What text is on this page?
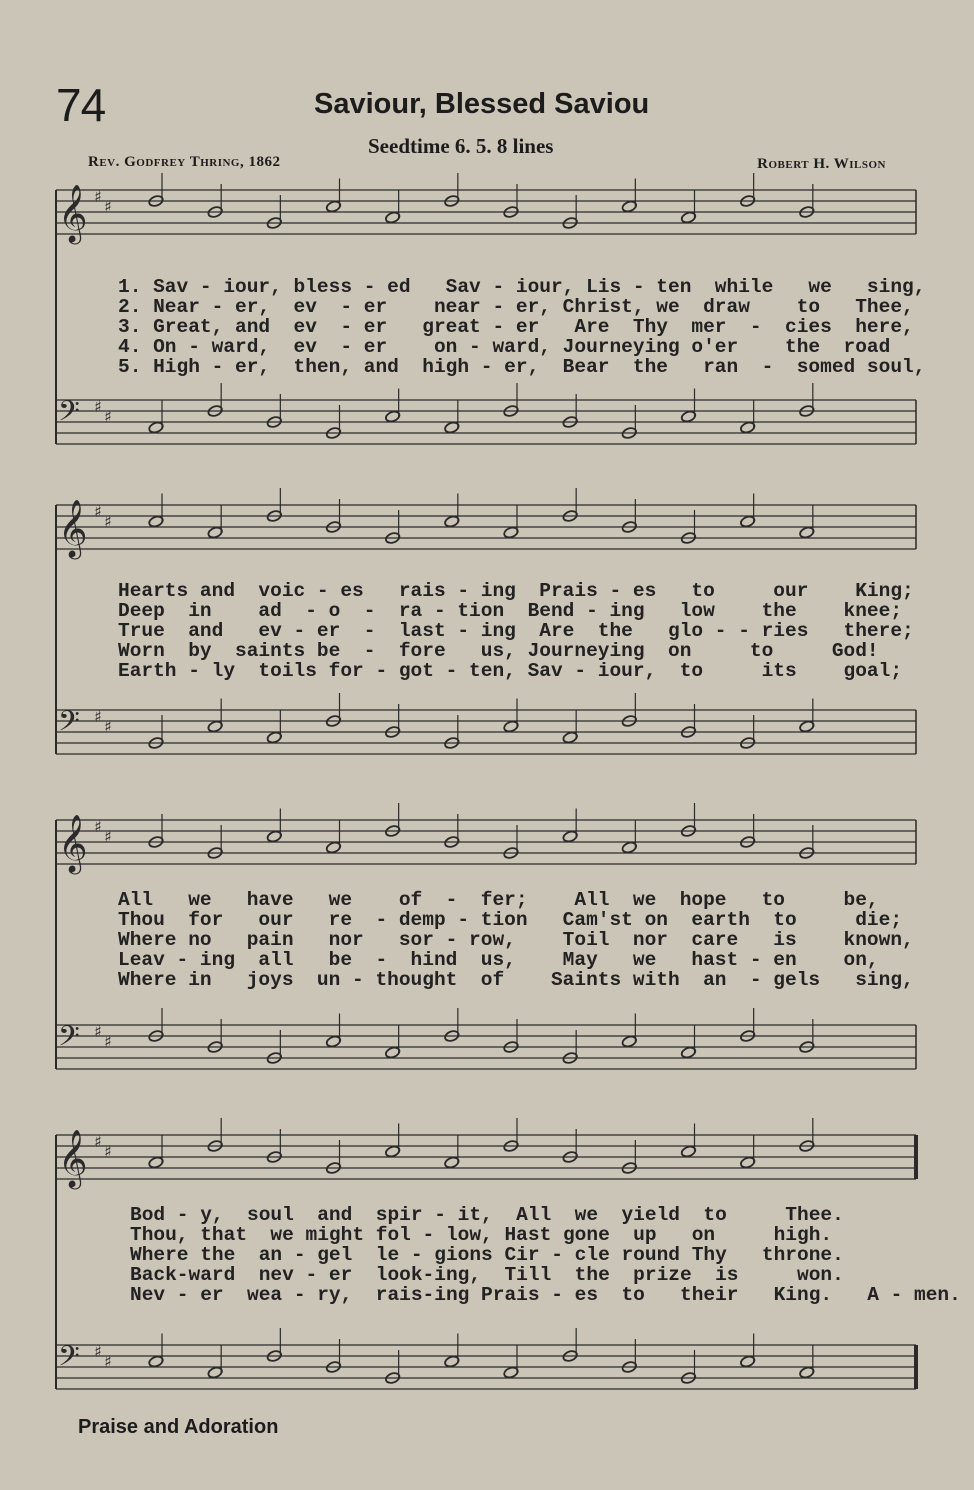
𝄞 ♯
♯
𝄢 ♯
♯
𝄞 ♯
♯
𝄢 ♯
♯
𝄞 ♯
♯
𝄢 ♯
♯
𝄞 ♯
♯
𝄢 ♯
♯
74	Saviour, Blessed Saviou
Seedtime 6. 5. 8 lines
Rev. Godfrey Thring, 1862	Robert H. Wilson
1. Sav - iour, bless - ed   Sav - iour, Lis - ten  while   we   sing,
2. Near - er,  ev  - er    near - er, Christ, we  draw    to   Thee,
3. Great, and  ev  - er   great - er   Are  Thy  mer  -  cies  here,
4. On - ward,  ev  - er    on - ward, Journeying o'er    the  road
5. High - er,  then, and  high - er,  Bear  the   ran  -  somed soul,
Hearts and  voic - es   rais - ing  Prais - es   to     our    King;
Deep  in    ad  - o  -  ra - tion  Bend - ing   low    the    knee;
True  and   ev - er  -  last - ing  Are  the   glo - - ries   there;
Worn  by  saints be  -  fore   us, Journeying  on     to     God!
Earth - ly  toils for - got - ten, Sav - iour,  to     its    goal;
All   we   have   we    of  -  fer;    All  we  hope   to     be,
Thou  for   our   re  - demp - tion   Cam'st on  earth  to     die;
Where no   pain   nor   sor - row,    Toil  nor  care   is    known,
Leav - ing  all   be  -  hind  us,    May   we   hast - en    on,
Where in   joys  un - thought  of    Saints with  an  - gels   sing,
Bod - y,  soul  and  spir - it,  All  we  yield  to     Thee.
Thou, that  we might fol - low, Hast gone  up   on     high.
Where the  an - gel  le - gions Cir - cle round Thy   throne.
Back-ward  nev - er  look-ing,  Till  the  prize  is     won.
Nev - er  wea - ry,  rais-ing Prais - es  to   their   King.   A - men.
Praise and Adoration
